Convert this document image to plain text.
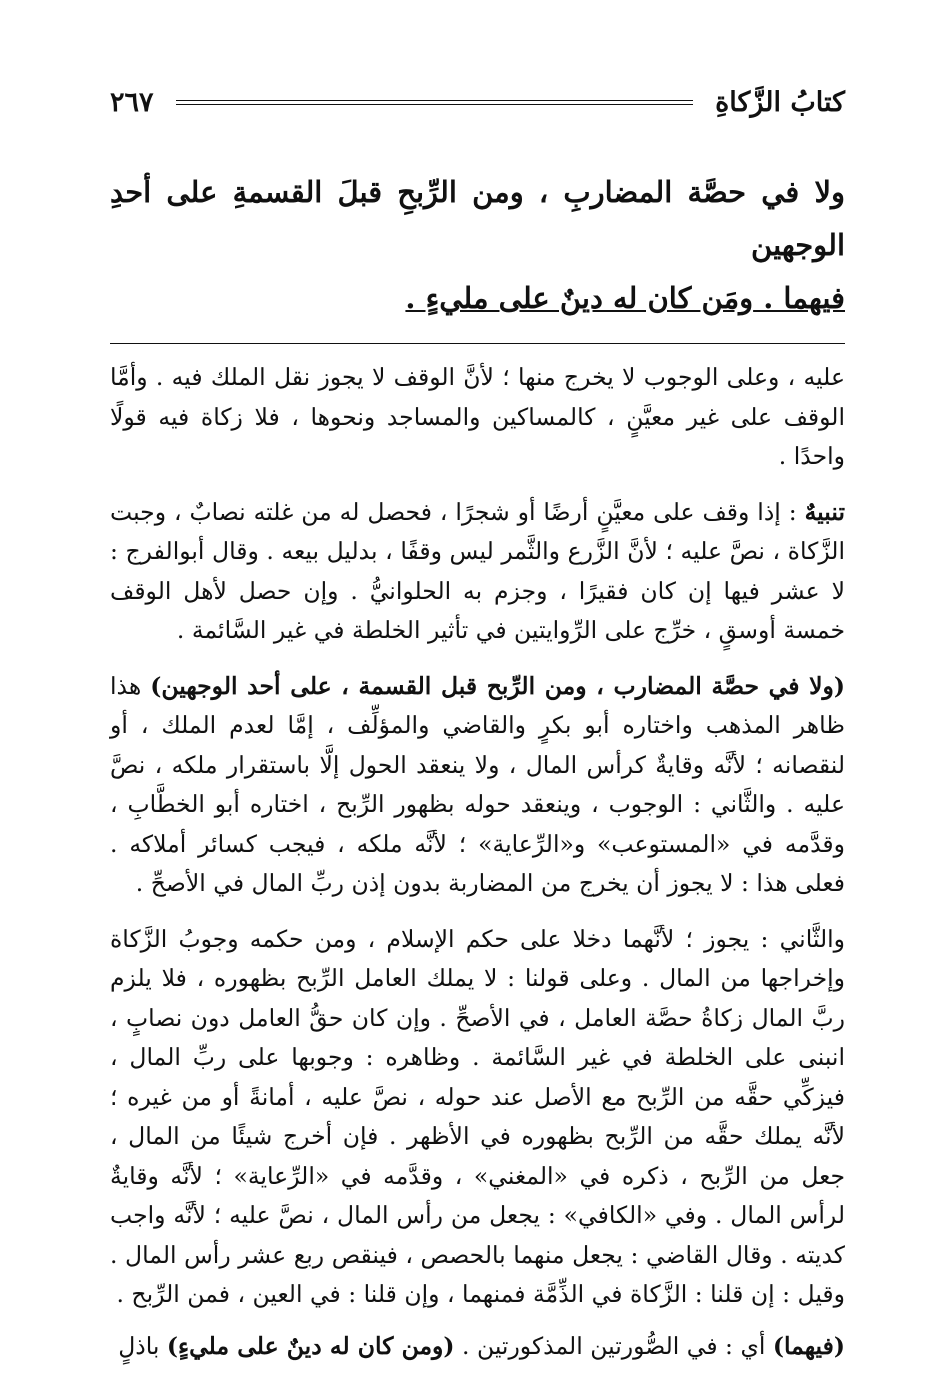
كتابُ الزَّكاةِ
٢٦٧
ولا في حصَّة المضاربِ ، ومن الرِّبحِ قبلَ القسمةِ على أحدِ الوجهين
فيهما . ومَن كان له دينٌ على مليءٍ .

عليه ، وعلى الوجوب لا يخرج منها ؛ لأنَّ الوقف لا يجوز نقل الملك فيه . وأمَّا الوقف على غير معيَّنٍ ، كالمساكين والمساجد ونحوها ، فلا زكاة فيه قولًا واحدًا .

تنبيهٌ : إذا وقف على معيَّنٍ أرضًا أو شجرًا ، فحصل له من غلته نصابٌ ، وجبت الزَّكاة ، نصَّ عليه ؛ لأنَّ الزَّرع والثَّمر ليس وقفًا ، بدليل بيعه . وقال أبوالفرج : لا عشر فيها إن كان فقيرًا ، وجزم به الحلوانيُّ . وإن حصل لأهل الوقف خمسة أوسقٍ ، خرِّج على الرِّوايتين في تأثير الخلطة في غير السَّائمة .

(ولا في حصَّة المضارب ، ومن الرِّبح قبل القسمة ، على أحد الوجهين) هذا ظاهر المذهب واختاره أبو بكرٍ والقاضي والمؤلِّف ، إمَّا لعدم الملك ، أو لنقصانه ؛ لأنَّه وقايةٌ كرأس المال ، ولا ينعقد الحول إلَّا باستقرار ملكه ، نصَّ عليه . والثَّاني : الوجوب ، وينعقد حوله بظهور الرِّبح ، اختاره أبو الخطَّابِ ، وقدَّمه في «المستوعب» و«الرِّعاية» ؛ لأنَّه ملكه ، فيجب كسائر أملاكه . فعلى هذا : لا يجوز أن يخرج من المضاربة بدون إذن ربِّ المال في الأصحِّ .

والثَّاني : يجوز ؛ لأنَّهما دخلا على حكم الإسلام ، ومن حكمه وجوبُ الزَّكاة وإخراجها من المال . وعلى قولنا : لا يملك العامل الرِّبح بظهوره ، فلا يلزم ربَّ المال زكاةُ حصَّة العامل ، في الأصحِّ . وإن كان حقُّ العامل دون نصابٍ ، انبنى على الخلطة في غير السَّائمة . وظاهره : وجوبها على ربِّ المال ، فيزكِّي حقَّه من الرِّبح مع الأصل عند حوله ، نصَّ عليه ، أمانةً أو من غيره ؛ لأنَّه يملك حقَّه من الرِّبح بظهوره في الأظهر . فإن أخرج شيئًا من المال ، جعل من الرِّبح ، ذكره في «المغني» ، وقدَّمه في «الرِّعاية» ؛ لأنَّه وقايةٌ لرأس المال . وفي «الكافي» : يجعل من رأس المال ، نصَّ عليه ؛ لأنَّه واجب كديته . وقال القاضي : يجعل منهما بالحصص ، فينقص ربع عشر رأس المال . وقيل : إن قلنا : الزَّكاة في الذِّمَّة فمنهما ، وإن قلنا : في العين ، فمن الرِّبح .

(فيهما) أي : في الصُّورتين المذكورتين . (ومن كان له دينٌ على مليءٍ) باذلٍ
